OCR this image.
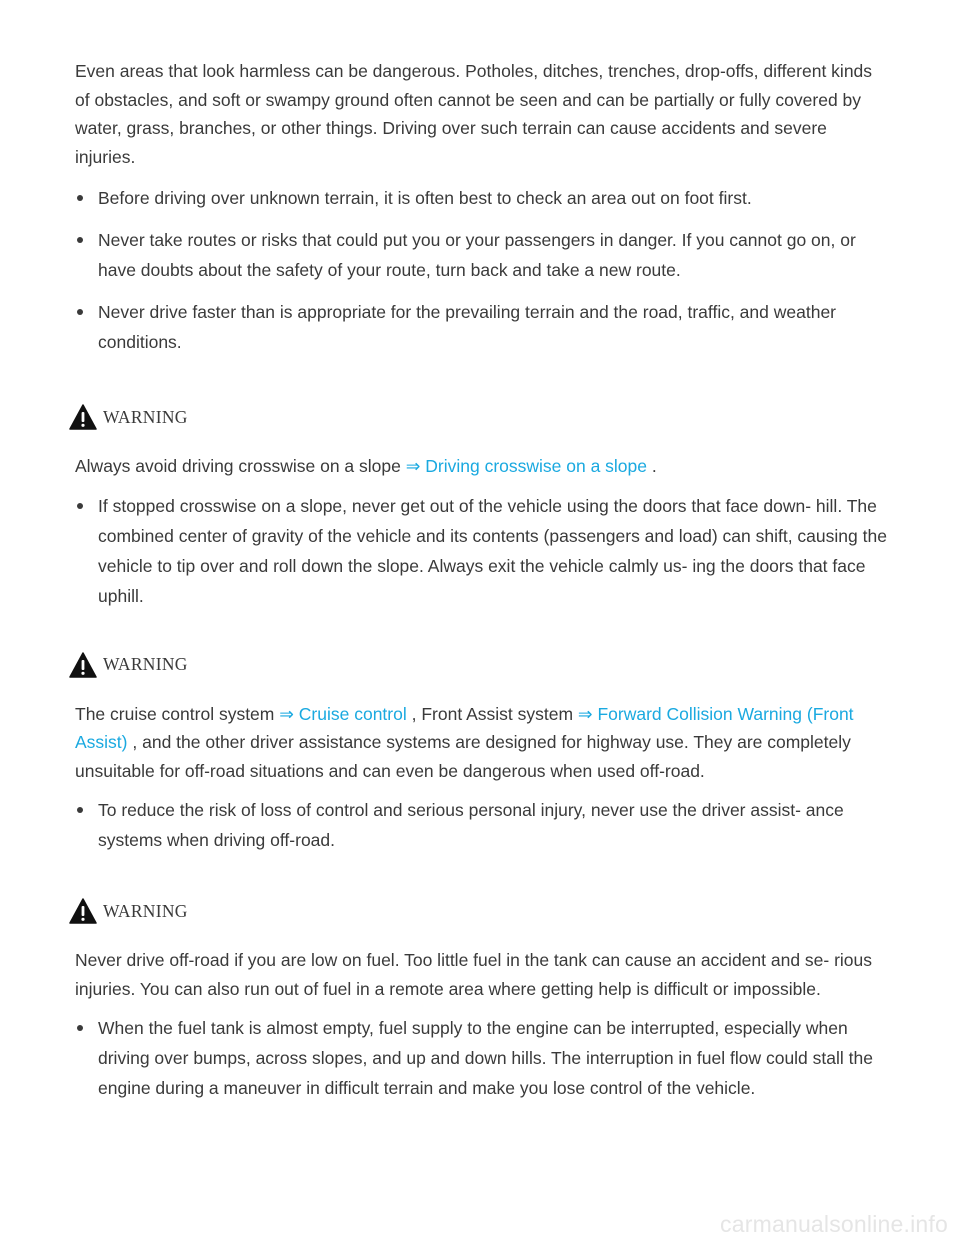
Even areas that look harmless can be dangerous. Potholes, ditches, trenches, drop-offs, different kinds of obstacles, and soft or swampy ground often cannot be seen and can be partially or fully covered by water, grass, branches, or other things. Driving over such terrain can cause accidents and severe injuries.

Before driving over unknown terrain, it is often best to check an area out on foot first.
Never take routes or risks that could put you or your passengers in danger. If you cannot go on, or have doubts about the safety of your route, turn back and take a new route.
Never drive faster than is appropriate for the prevailing terrain and the road, traffic, and weather conditions.
WARNING

Always avoid driving crosswise on a slope ⇒ Driving crosswise on a slope .

If stopped crosswise on a slope, never get out of the vehicle using the doors that face down- hill. The combined center of gravity of the vehicle and its contents (passengers and load) can shift, causing the vehicle to tip over and roll down the slope. Always exit the vehicle calmly us- ing the doors that face uphill.
WARNING

The cruise control system ⇒ Cruise control , Front Assist system ⇒ Forward Collision Warning (Front Assist) , and the other driver assistance systems are designed for highway use. They are completely unsuitable for off-road situations and can even be dangerous when used off-road.

To reduce the risk of loss of control and serious personal injury, never use the driver assist- ance systems when driving off-road.
WARNING

Never drive off-road if you are low on fuel. Too little fuel in the tank can cause an accident and se- rious injuries. You can also run out of fuel in a remote area where getting help is difficult or impossible.

When the fuel tank is almost empty, fuel supply to the engine can be interrupted, especially when driving over bumps, across slopes, and up and down hills. The interruption in fuel flow could stall the engine during a maneuver in difficult terrain and make you lose control of the vehicle.
carmanualsonline.info
